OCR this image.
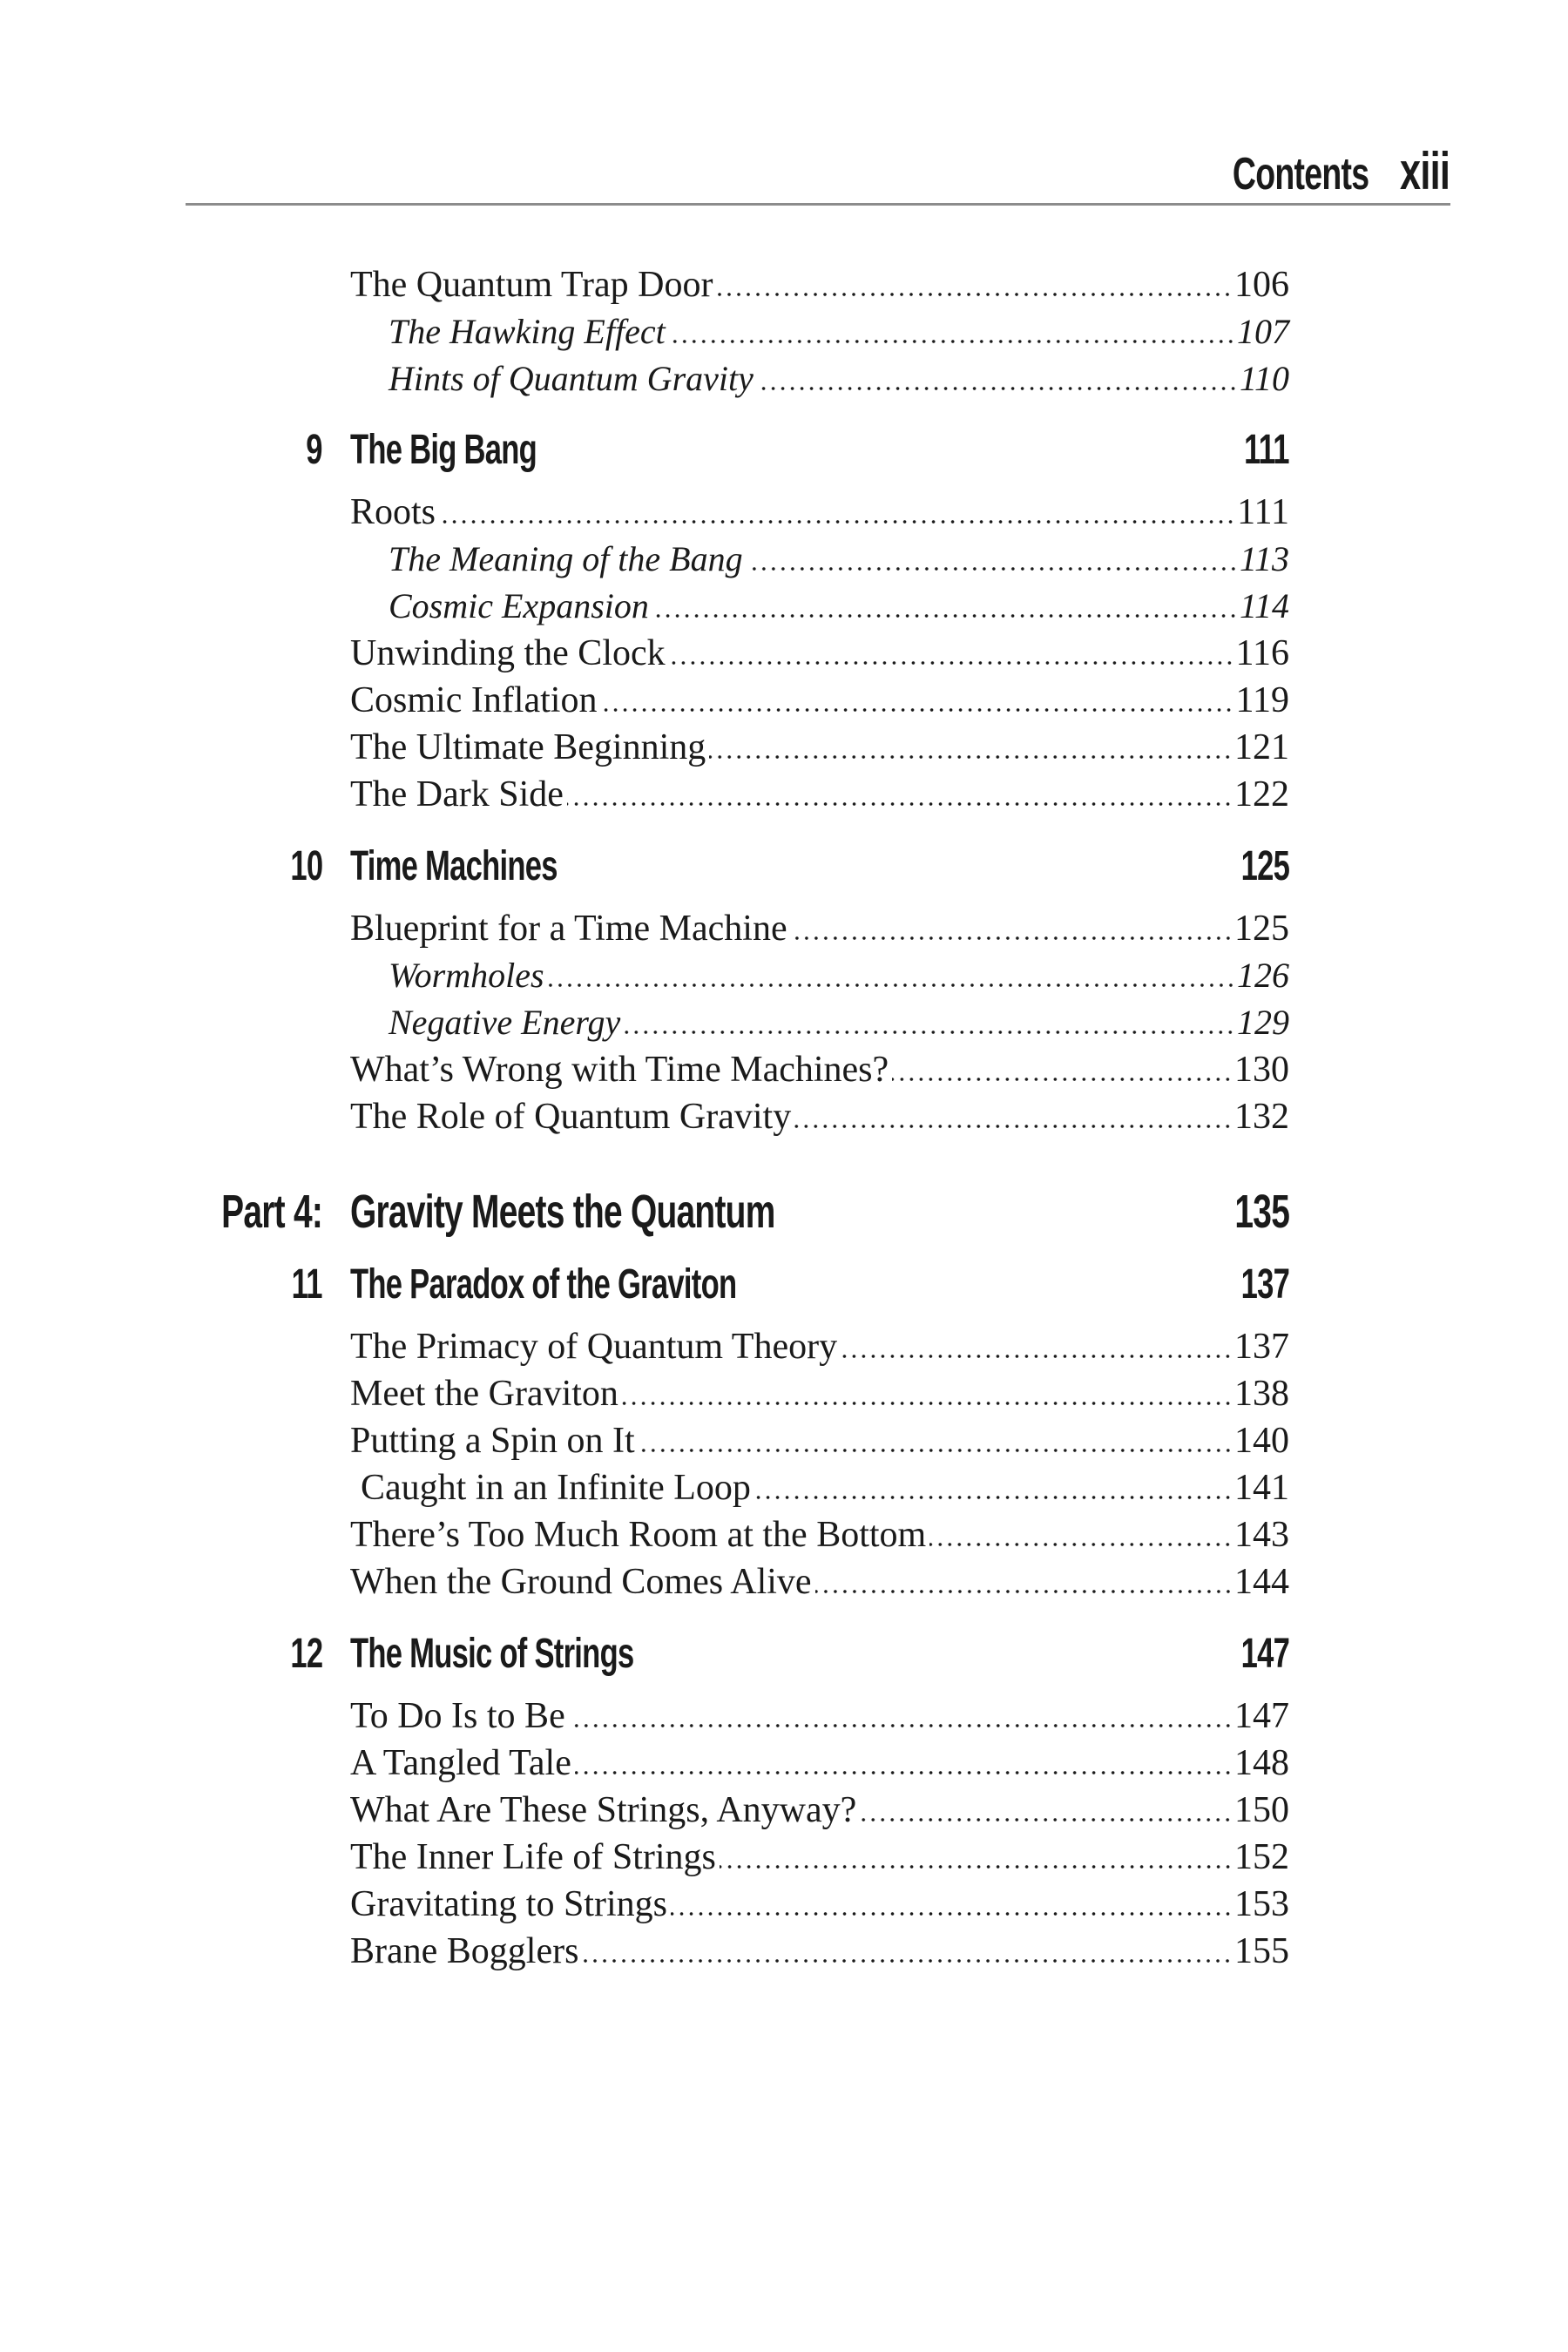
Contents xiii
The Quantum Trap Door	106
The Hawking Effect	107
Hints of Quantum Gravity	110
9 The Big Bang	111
Roots	111
The Meaning of the Bang	113
Cosmic Expansion	114
Unwinding the Clock	116
Cosmic Inflation	119
The Ultimate Beginning	121
The Dark Side	122
10 Time Machines	125
Blueprint for a Time Machine	125
Wormholes	126
Negative Energy	129
What’s Wrong with Time Machines?	130
The Role of Quantum Gravity	132
Part 4: Gravity Meets the Quantum	135
11 The Paradox of the Graviton	137
The Primacy of Quantum Theory	137
Meet the Graviton	138
Putting a Spin on It	140
Caught in an Infinite Loop	141
There’s Too Much Room at the Bottom	143
When the Ground Comes Alive	144
12 The Music of Strings	147
To Do Is to Be	147
A Tangled Tale	148
What Are These Strings, Anyway?	150
The Inner Life of Strings	152
Gravitating to Strings	153
Brane Bogglers	155
